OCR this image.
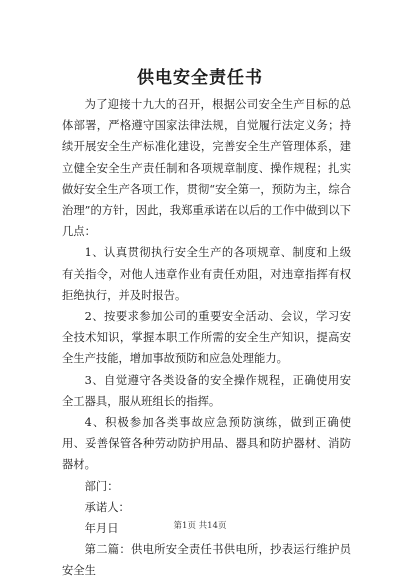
供电安全责任书

为了迎接十九大的召开，根据公司安全生产目标的总体部署，严格遵守国家法律法规，自觉履行法定义务；持续开展安全生产标准化建设，完善安全生产管理体系，建立健全安全生产责任制和各项规章制度、操作规程；扎实做好安全生产各项工作，贯彻“安全第一，预防为主，综合治理”的方针，因此，我郑重承诺在以后的工作中做到以下几点：

1、认真贯彻执行安全生产的各项规章、制度和上级有关指令，对他人违章作业有责任劝阻，对违章指挥有权拒绝执行，并及时报告。

2、按要求参加公司的重要安全活动、会议，学习安全技术知识，掌握本职工作所需的安全生产知识，提高安全生产技能，增加事故预防和应急处理能力。

3、自觉遵守各类设备的安全操作规程，正确使用安全工器具，服从班组长的指挥。

4、积极参加各类事故应急预防演练，做到正确使用、妥善保管各种劳动防护用品、器具和防护器材、消防器材。

部门：

承诺人：

年月日

第二篇：供电所安全责任书供电所，抄表运行维护员安全生

第1页 共14页
